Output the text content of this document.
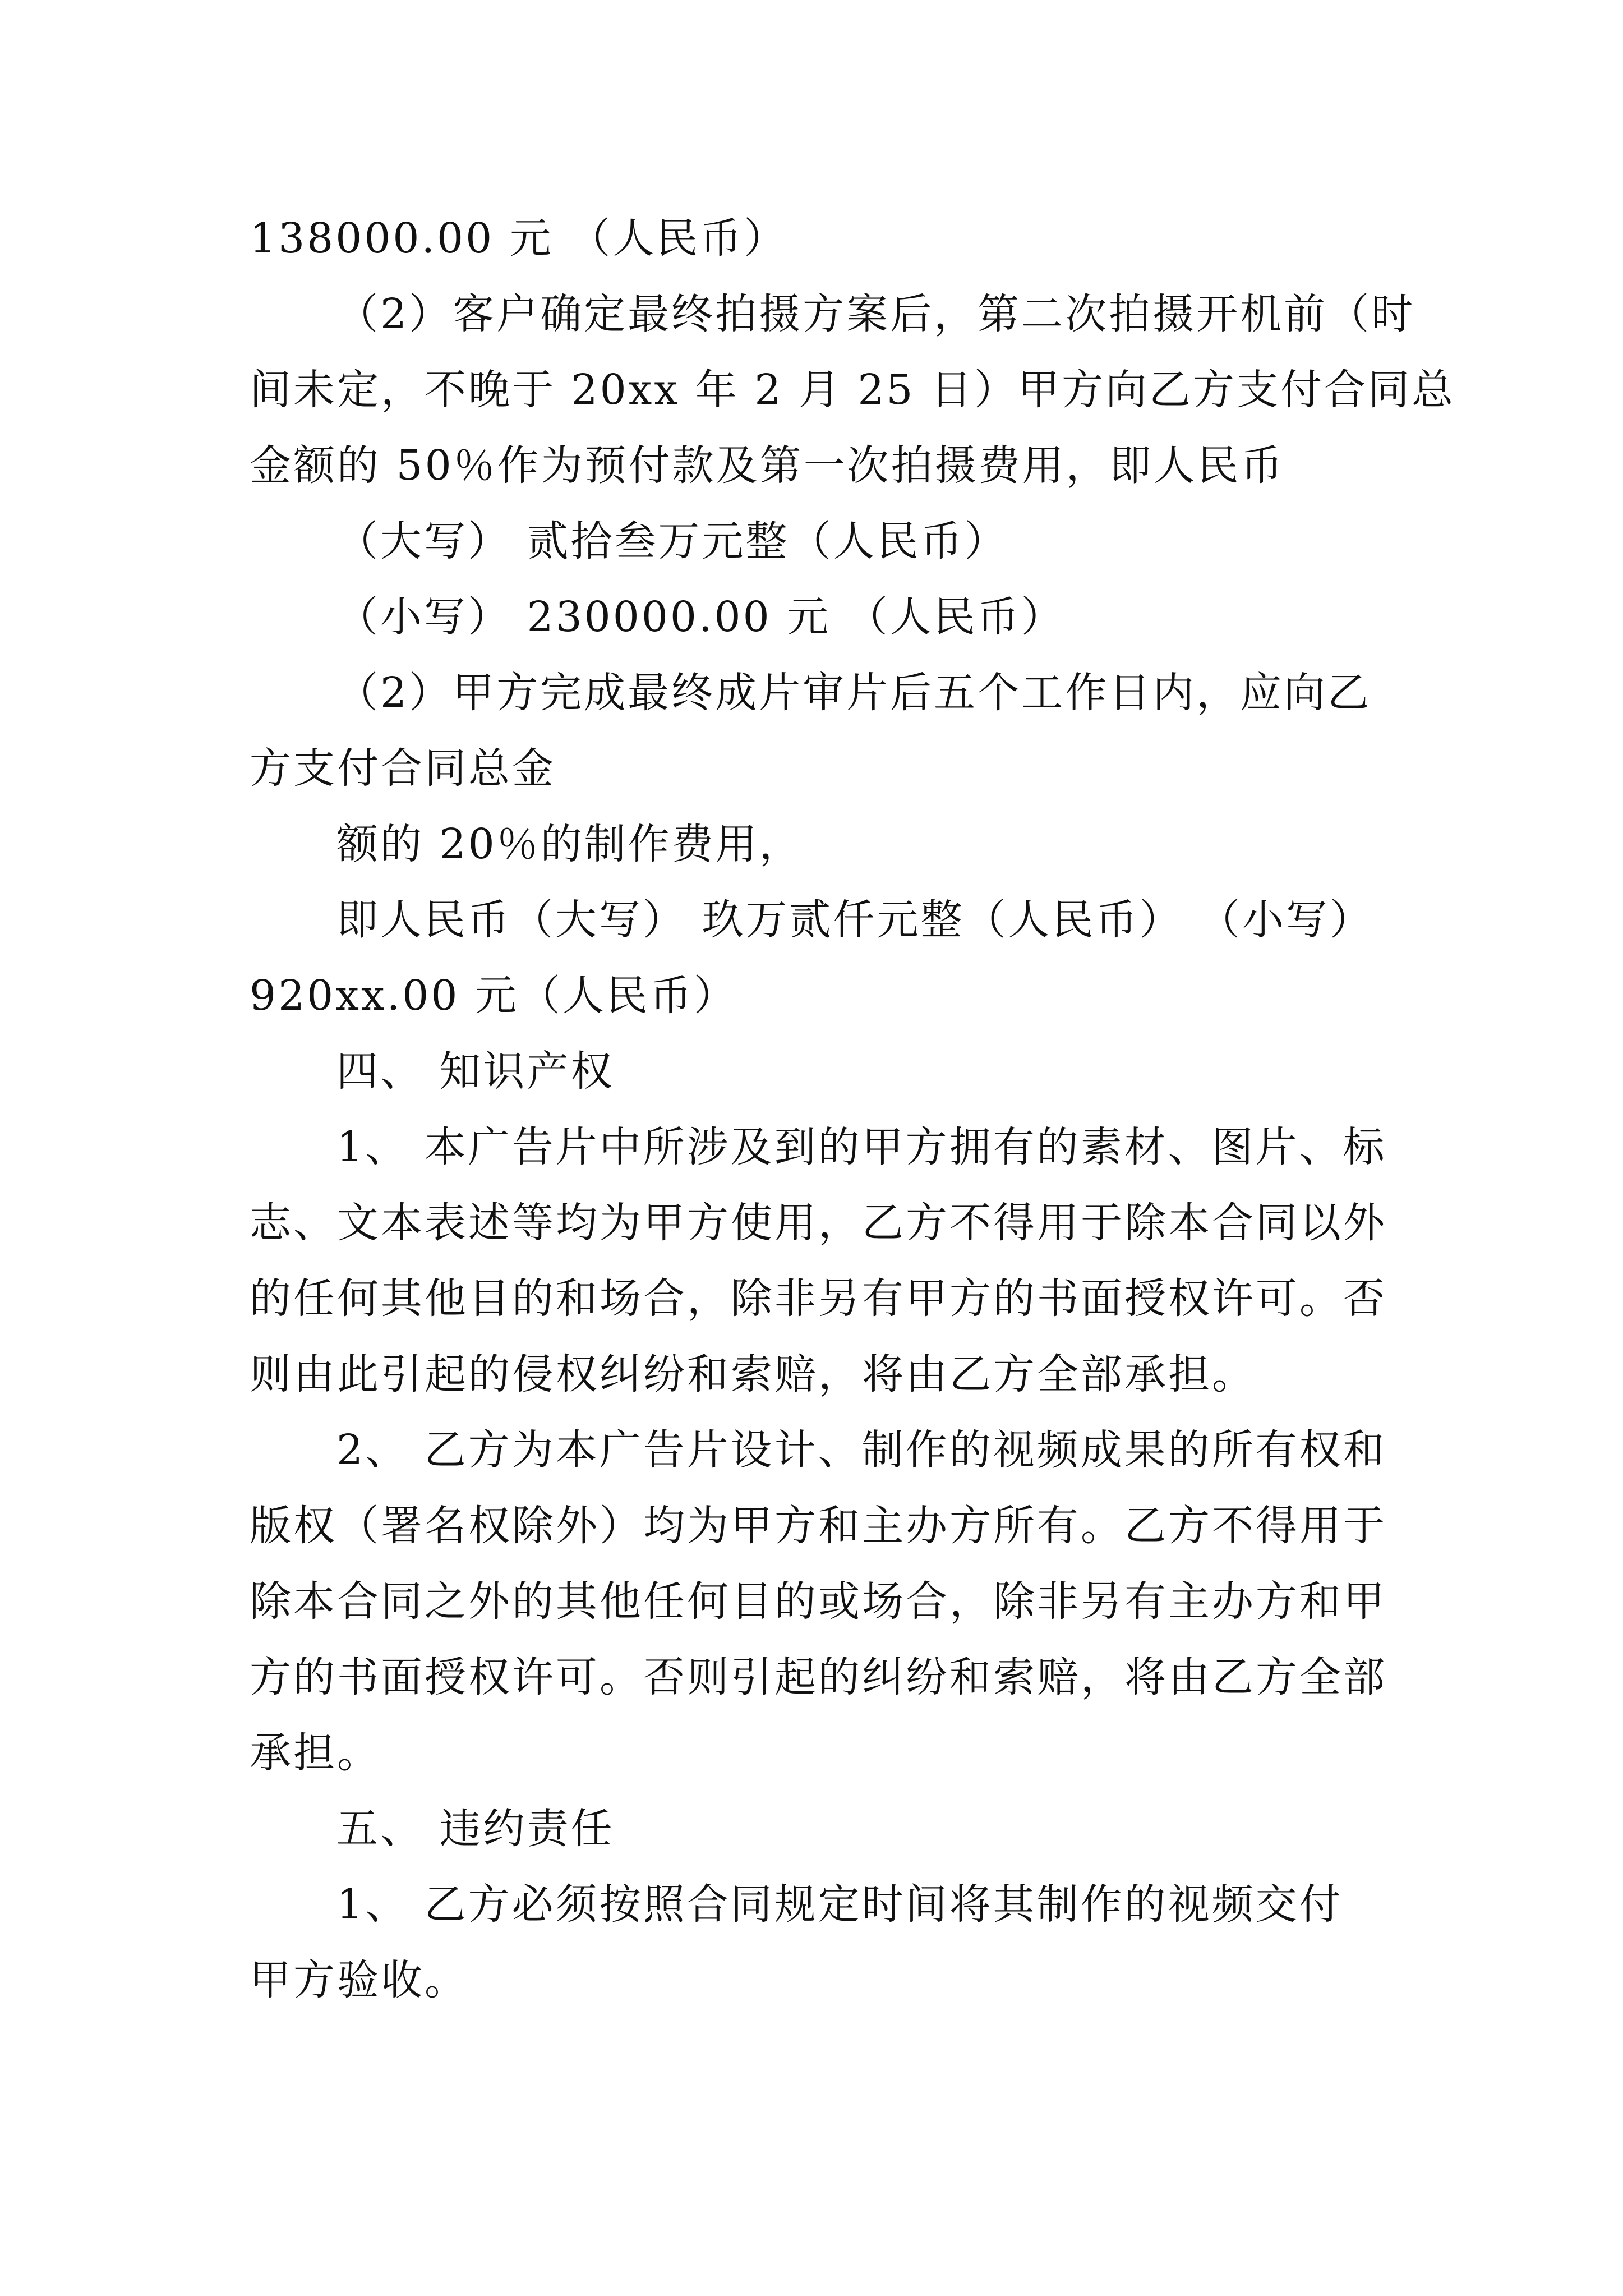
138000.00 元 （人民币）
（2）客户确定最终拍摄方案后，第二次拍摄开机前（时
间未定，不晚于 20xx 年 2 月 25 日）甲方向乙方支付合同总
金额的 50％作为预付款及第一次拍摄费用，即人民币
（大写） 贰拾叁万元整（人民币）
（小写） 230000.00 元 （人民币）
（2）甲方完成最终成片审片后五个工作日内，应向乙
方支付合同总金
额的 20％的制作费用，
即人民币（大写） 玖万贰仟元整（人民币） （小写）
920xx.00 元（人民币）
四、 知识产权
1、 本广告片中所涉及到的甲方拥有的素材、图片、标
志、文本表述等均为甲方使用，乙方不得用于除本合同以外
的任何其他目的和场合，除非另有甲方的书面授权许可。否
则由此引起的侵权纠纷和索赔，将由乙方全部承担。
2、 乙方为本广告片设计、制作的视频成果的所有权和
版权（署名权除外）均为甲方和主办方所有。乙方不得用于
除本合同之外的其他任何目的或场合，除非另有主办方和甲
方的书面授权许可。否则引起的纠纷和索赔，将由乙方全部
承担。
五、 违约责任
1、 乙方必须按照合同规定时间将其制作的视频交付
甲方验收。
